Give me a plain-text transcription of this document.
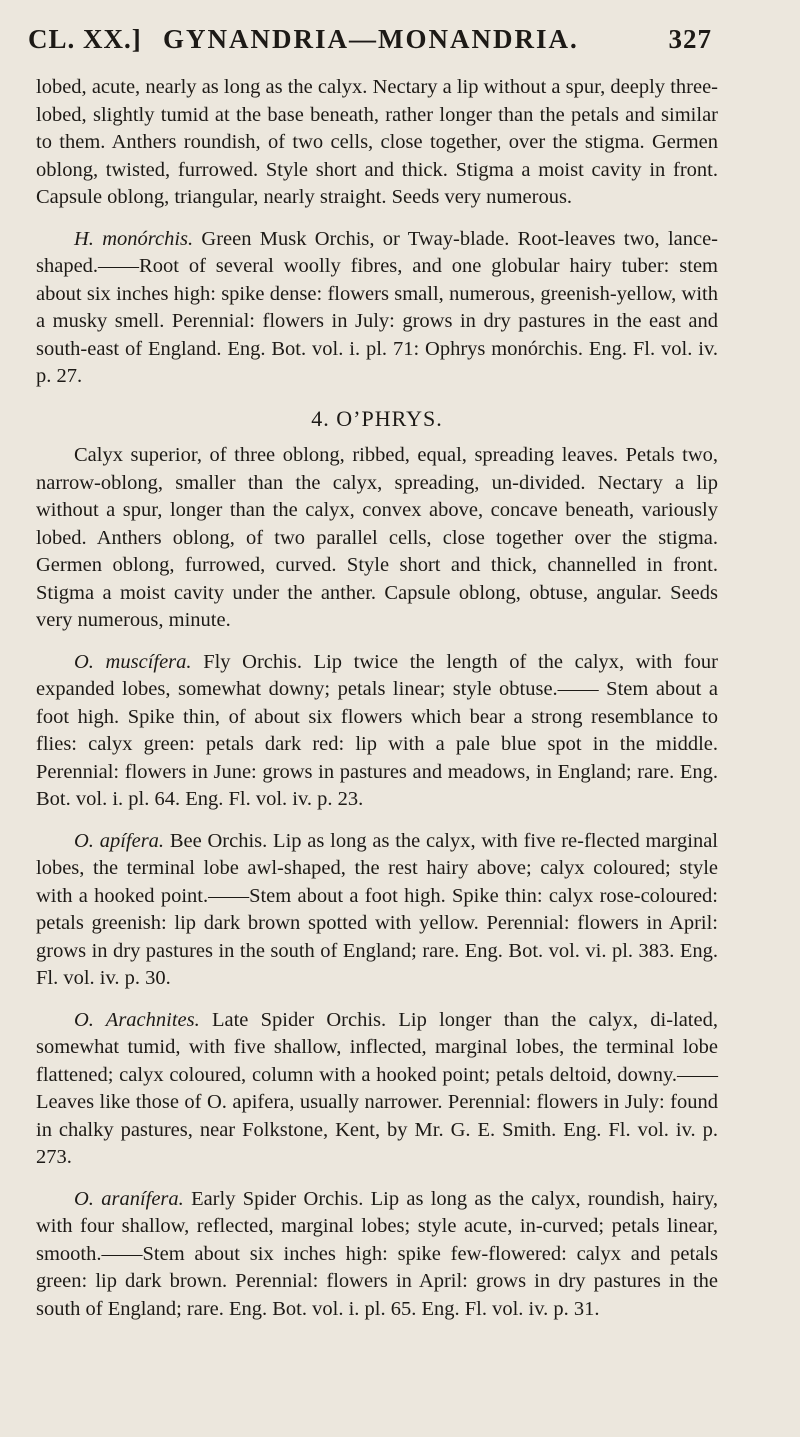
CL. XX.] GYNANDRIA—MONANDRIA.	327

lobed, acute, nearly as long as the calyx. Nectary a lip without a spur, deeply three-lobed, slightly tumid at the base beneath, rather longer than the petals and similar to them. Anthers roundish, of two cells, close together, over the stigma. Germen oblong, twisted, furrowed. Style short and thick. Stigma a moist cavity in front. Capsule oblong, triangular, nearly straight. Seeds very numerous.

H. monórchis. Green Musk Orchis, or Tway-blade. Root-leaves two, lance-shaped.——Root of several woolly fibres, and one globular hairy tuber: stem about six inches high: spike dense: flowers small, numerous, greenish-yellow, with a musky smell. Perennial: flowers in July: grows in dry pastures in the east and south-east of England. Eng. Bot. vol. i. pl. 71: Ophrys monórchis. Eng. Fl. vol. iv. p. 27.

4. O’PHRYS.

Calyx superior, of three oblong, ribbed, equal, spreading leaves. Petals two, narrow-oblong, smaller than the calyx, spreading, un-divided. Nectary a lip without a spur, longer than the calyx, convex above, concave beneath, variously lobed. Anthers oblong, of two parallel cells, close together over the stigma. Germen oblong, furrowed, curved. Style short and thick, channelled in front. Stigma a moist cavity under the anther. Capsule oblong, obtuse, angular. Seeds very numerous, minute.

O. muscífera. Fly Orchis. Lip twice the length of the calyx, with four expanded lobes, somewhat downy; petals linear; style obtuse.—— Stem about a foot high. Spike thin, of about six flowers which bear a strong resemblance to flies: calyx green: petals dark red: lip with a pale blue spot in the middle. Perennial: flowers in June: grows in pastures and meadows, in England; rare. Eng. Bot. vol. i. pl. 64. Eng. Fl. vol. iv. p. 23.

O. apífera. Bee Orchis. Lip as long as the calyx, with five re-flected marginal lobes, the terminal lobe awl-shaped, the rest hairy above; calyx coloured; style with a hooked point.——Stem about a foot high. Spike thin: calyx rose-coloured: petals greenish: lip dark brown spotted with yellow. Perennial: flowers in April: grows in dry pastures in the south of England; rare. Eng. Bot. vol. vi. pl. 383. Eng. Fl. vol. iv. p. 30.

O. Arachnites. Late Spider Orchis. Lip longer than the calyx, di-lated, somewhat tumid, with five shallow, inflected, marginal lobes, the terminal lobe flattened; calyx coloured, column with a hooked point; petals deltoid, downy.——Leaves like those of O. apifera, usually narrower. Perennial: flowers in July: found in chalky pastures, near Folkstone, Kent, by Mr. G. E. Smith. Eng. Fl. vol. iv. p. 273.

O. aranífera. Early Spider Orchis. Lip as long as the calyx, roundish, hairy, with four shallow, reflected, marginal lobes; style acute, in-curved; petals linear, smooth.——Stem about six inches high: spike few-flowered: calyx and petals green: lip dark brown. Perennial: flowers in April: grows in dry pastures in the south of England; rare. Eng. Bot. vol. i. pl. 65. Eng. Fl. vol. iv. p. 31.
